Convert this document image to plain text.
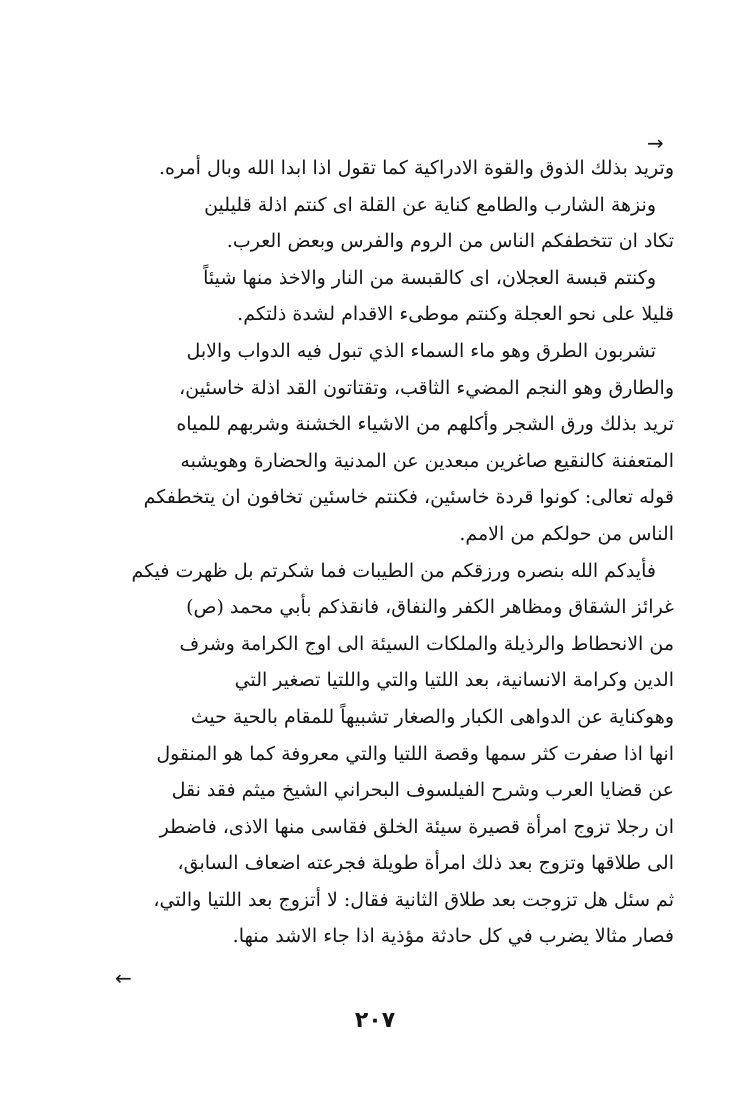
→
وتريد بذلك الذوق والقوة الادراكية كما تقول اذا ابدا الله وبال أمره.
ونزهة الشارب والطامع كناية عن القلة اى كنتم اذلة قليلين
تكاد ان تتخطفكم الناس من الروم والفرس وبعض العرب.
وكنتم قبسة العجلان، اى كالقبسة من النار والاخذ منها شيئاً
قليلا على نحو العجلة وكنتم موطىء الاقدام لشدة ذلتكم.
تشربون الطرق وهو ماء السماء الذي تبول فيه الدواب والابل
والطارق وهو النجم المضيء الثاقب، وتقتاتون القد اذلة خاسئين،
تريد بذلك ورق الشجر وأكلهم من الاشياء الخشنة وشربهم للمياه
المتعفنة كالنقيع صاغرين مبعدين عن المدنية والحضارة وهويشبه
قوله تعالى: كونوا قردة خاسئين، فكنتم خاسئين تخافون ان يتخطفكم
الناس من حولكم من الامم.
فأيدكم الله بنصره ورزقكم من الطيبات فما شكرتم بل ظهرت فيكم
غرائز الشقاق ومظاهر الكفر والنفاق، فانقذكم بأبي محمد (ص)
من الانحطاط والرذيلة والملكات السيئة الى اوج الكرامة وشرف
الدين وكرامة الانسانية، بعد اللتيا والتي واللتيا تصغير التي
وهوكناية عن الدواهى الكبار والصغار تشبيهاً للمقام بالحية حيث
انها اذا صفرت كثر سمها وقصة اللتيا والتي معروفة كما هو المنقول
عن قضايا العرب وشرح الفيلسوف البحراني الشيخ ميثم فقد نقل
ان رجلا تزوج امرأة قصيرة سيئة الخلق فقاسى منها الاذى، فاضطر
الى طلاقها وتزوج بعد ذلك امرأة طويلة فجرعته اضعاف السابق،
ثم سئل هل تزوجت بعد طلاق الثانية فقال: لا أتزوج بعد اللتيا والتي،
فصار مثالا يضرب في كل حادثة مؤذية اذا جاء الاشد منها.
←
٢٠٧
